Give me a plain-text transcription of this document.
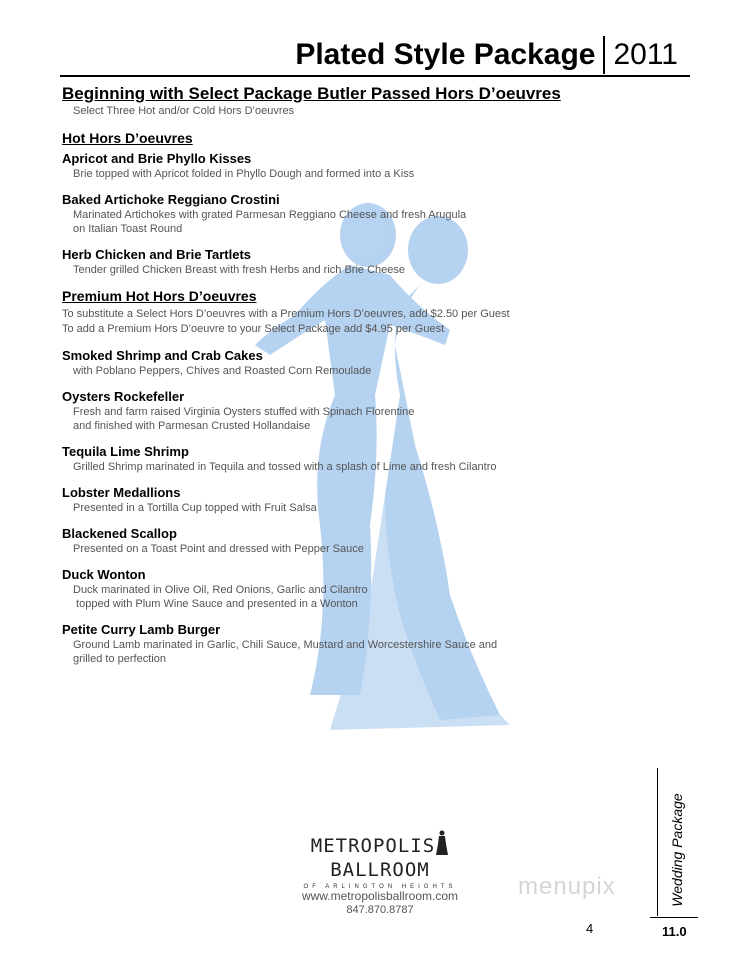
Plated Style Package 2011
Beginning with Select Package Butler Passed Hors D’oeuvres

Select Three Hot and/or Cold Hors D’oeuvres

Hot Hors D’oeuvres
Apricot and Brie Phyllo Kisses
Brie topped with Apricot folded in Phyllo Dough and formed into a Kiss
Baked Artichoke Reggiano Crostini
Marinated Artichokes with grated Parmesan Reggiano Cheese and fresh Arugula
on Italian Toast Round
Herb Chicken and Brie Tartlets
Tender grilled Chicken Breast with fresh Herbs and rich Brie Cheese
Premium Hot Hors D’oeuvres
To substitute a Select Hors D’oeuvres with a Premium Hors D’oeuvres, add $2.50 per Guest
To add a Premium Hors D’oeuvre to your Select Package add $4.95 per Guest
Smoked Shrimp and Crab Cakes
with Poblano Peppers, Chives and Roasted Corn Remoulade
Oysters Rockefeller
Fresh and farm raised Virginia Oysters stuffed with Spinach Florentine
and finished with Parmesan Crusted Hollandaise
Tequila Lime Shrimp
Grilled Shrimp marinated in Tequila and tossed with a splash of Lime and fresh Cilantro
Lobster Medallions
Presented in a Tortilla Cup topped with Fruit Salsa
Blackened Scallop
Presented on a Toast Point and dressed with Pepper Sauce
Duck Wonton
Duck marinated in Olive Oil, Red Onions, Garlic and Cilantro
topped with Plum Wine Sauce and presented in a Wonton
Petite Curry Lamb Burger
Ground Lamb marinated in Garlic, Chili Sauce, Mustard and Worcestershire Sauce and
grilled to perfection
METROPOLISBALLROOM
OF ARLINGTON HEIGHTS
www.metropolisballroom.com
847.870.8787
menupix
4
Wedding Package
11.0
